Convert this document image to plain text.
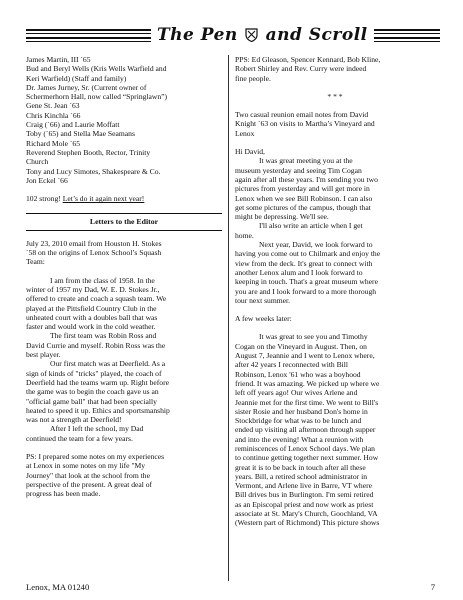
The Pen and Scroll

James Martin, III `65

Bud and Beryl Wells (Kris Wells Warfield and

Keri Warfield) (Staff and family)

Dr. James Jurney, Sr. (Current owner of

Schermerhorn Hall, now called “Springlawn”)

Gene St. Jean `63

Chris Kinchla `66

Craig (`66) and Laurie Moffatt

Toby (`65) and Stella Mae Seamans

Richard Mole `65

Reverend Stephen Booth, Rector, Trinity

Church

Tony and Lucy Simotes, Shakespeare & Co.

Jon Eckel `66

102 strong! Let’s do it again next year!

Letters to the Editor

July 23, 2010 email from Houston H. Stokes

`58 on the origins of Lenox School’s Squash

Team:

I am from the class of 1958. In the

winter of 1957 my Dad, W. E. D. Stokes Jr.,

offered to create and coach a squash team. We

played at the Pittsfield Country Club in the

unheated court with a doubles ball that was

faster and would work in the cold weather.

The first team was Robin Ross and

David Currie and myself. Robin Ross was the

best player.

Our first match was at Deerfield. As a

sign of kinds of "tricks" played, the coach of

Deerfield had the teams warm up. Right before

the game was to begin the coach gave us an

"official game ball" that had been specially

heated to speed it up. Ethics and sportsmanship

was not a strength at Deerfield!

After I left the school, my Dad

continued the team for a few years.

PS: I prepared some notes on my experiences

at Lenox in some notes on my life "My

Journey" that look at the school from the

perspective of the present. A great deal of

progress has been made.

PPS: Ed Gleason, Spencer Kennard, Bob Kline,

Robert Shirley and Rev. Curry were indeed

fine people.

* * *

Two casual reunion email notes from David

Knight `63 on visits to Martha’s Vineyard and

Lenox

Hi David,

It was great meeting you at the

museum yesterday and seeing Tim Cogan

again after all these years. I'm sending you two

pictures from yesterday and will get more in

Lenox when we see Bill Robinson. I can also

get some pictures of the campus, though that

might be depressing. We'll see.

I'll also write an article when I get

home.

Next year, David, we look forward to

having you come out to Chilmark and enjoy the

view from the deck. It's great to connect with

another Lenox alum and I look forward to

keeping in touch. That's a great museum where

you are and I look forward to a more thorough

tour next summer.

A few weeks later:

It was great to see you and Timothy

Cogan on the Vineyard in August. Then, on

August 7, Jeannie and I went to Lenox where,

after 42 years I reconnected with Bill

Robinson, Lenox '61 who was a boyhood

friend. It was amazing. We picked up where we

left off years ago! Our wives Arlene and

Jeannie met for the first time. We went to Bill's

sister Rosie and her husband Don's home in

Stockbridge for what was to be lunch and

ended up visiting all afternoon through supper

and into the evening! What a reunion with

reminiscences of Lenox School days. We plan

to continue getting together next summer. How

great it is to be back in touch after all these

years. Bill, a retired school administrator in

Vermont, and Arlene live in Barre, VT where

Bill drives bus in Burlington. I'm semi retired

as an Episcopal priest and now work as priest

associate at St. Mary's Church, Goochland, VA

(Western part of Richmond) This picture shows

Lenox, MA 01240	7
